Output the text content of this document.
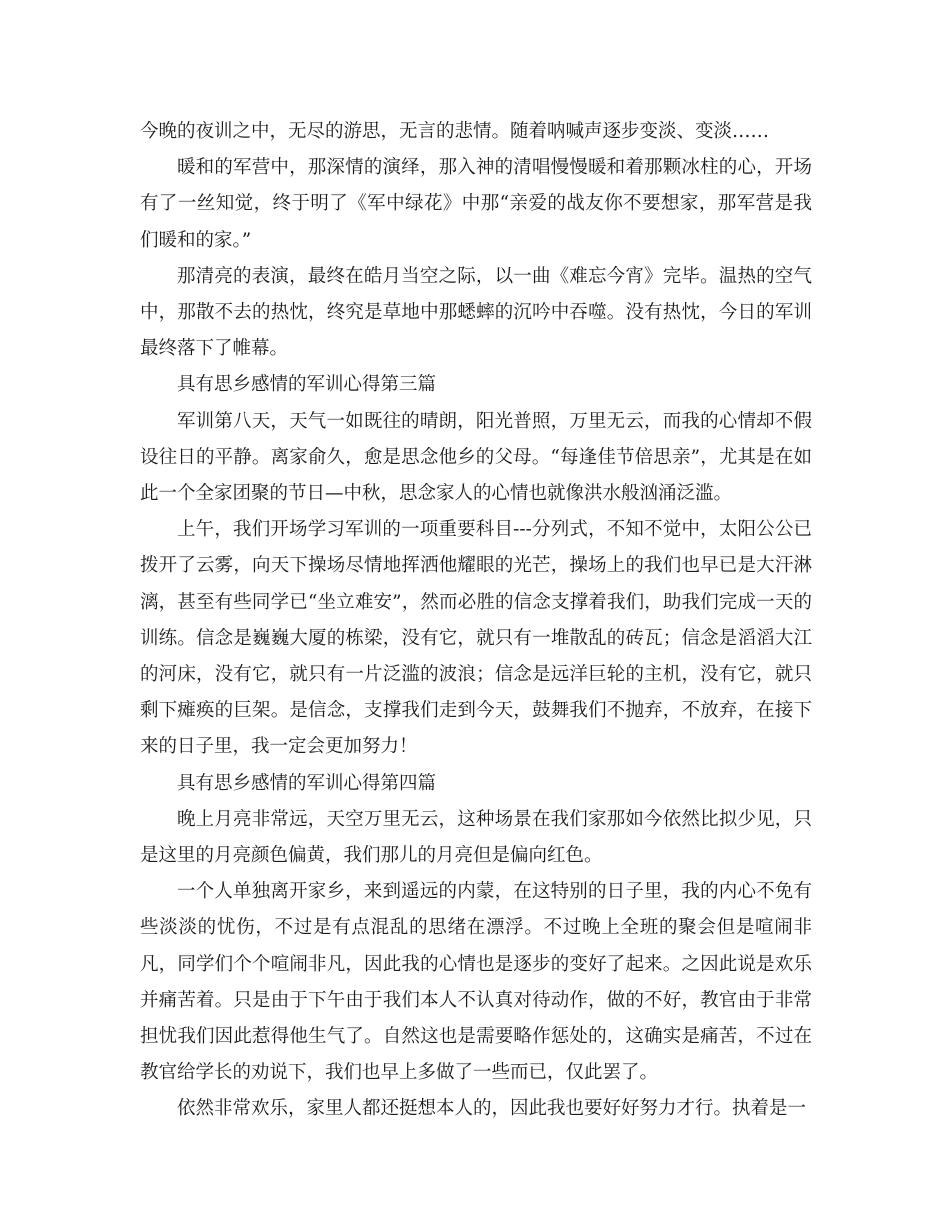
今晚的夜训之中，无尽的游思，无言的悲情。随着呐喊声逐步变淡、变淡……

暖和的军营中，那深情的演绎，那入神的清唱慢慢暖和着那颗冰柱的心，开场有了一丝知觉，终于明了《军中绿花》中那“亲爱的战友你不要想家，那军营是我们暖和的家。”

那清亮的表演，最终在皓月当空之际，以一曲《难忘今宵》完毕。温热的空气中，那散不去的热忱，终究是草地中那蟋蟀的沉吟中吞噬。没有热忱，今日的军训最终落下了帷幕。

具有思乡感情的军训心得第三篇

军训第八天，天气一如既往的晴朗，阳光普照，万里无云，而我的心情却不假设往日的平静。离家俞久，愈是思念他乡的父母。“每逢佳节倍思亲”，尤其是在如此一个全家团聚的节日—中秋，思念家人的心情也就像洪水般汹涌泛滥。

上午，我们开场学习军训的一项重要科目---分列式，不知不觉中，太阳公公已拨开了云雾，向天下操场尽情地挥洒他耀眼的光芒，操场上的我们也早已是大汗淋漓，甚至有些同学已“坐立难安”，然而必胜的信念支撑着我们，助我们完成一天的训练。信念是巍巍大厦的栋梁，没有它，就只有一堆散乱的砖瓦；信念是滔滔大江的河床，没有它，就只有一片泛滥的波浪；信念是远洋巨轮的主机，没有它，就只剩下瘫痪的巨架。是信念，支撑我们走到今天，鼓舞我们不抛弃，不放弃，在接下来的日子里，我一定会更加努力！

具有思乡感情的军训心得第四篇

晚上月亮非常远，天空万里无云，这种场景在我们家那如今依然比拟少见，只是这里的月亮颜色偏黄，我们那儿的月亮但是偏向红色。

一个人单独离开家乡，来到遥远的内蒙，在这特别的日子里，我的内心不免有些淡淡的忧伤，不过是有点混乱的思绪在漂浮。不过晚上全班的聚会但是喧闹非凡，同学们个个喧闹非凡，因此我的心情也是逐步的变好了起来。之因此说是欢乐并痛苦着。只是由于下午由于我们本人不认真对待动作，做的不好，教官由于非常担忧我们因此惹得他生气了。自然这也是需要略作惩处的，这确实是痛苦，不过在教官给学长的劝说下，我们也早上多做了一些而已，仅此罢了。

依然非常欢乐，家里人都还挺想本人的，因此我也要好好努力才行。执着是一
